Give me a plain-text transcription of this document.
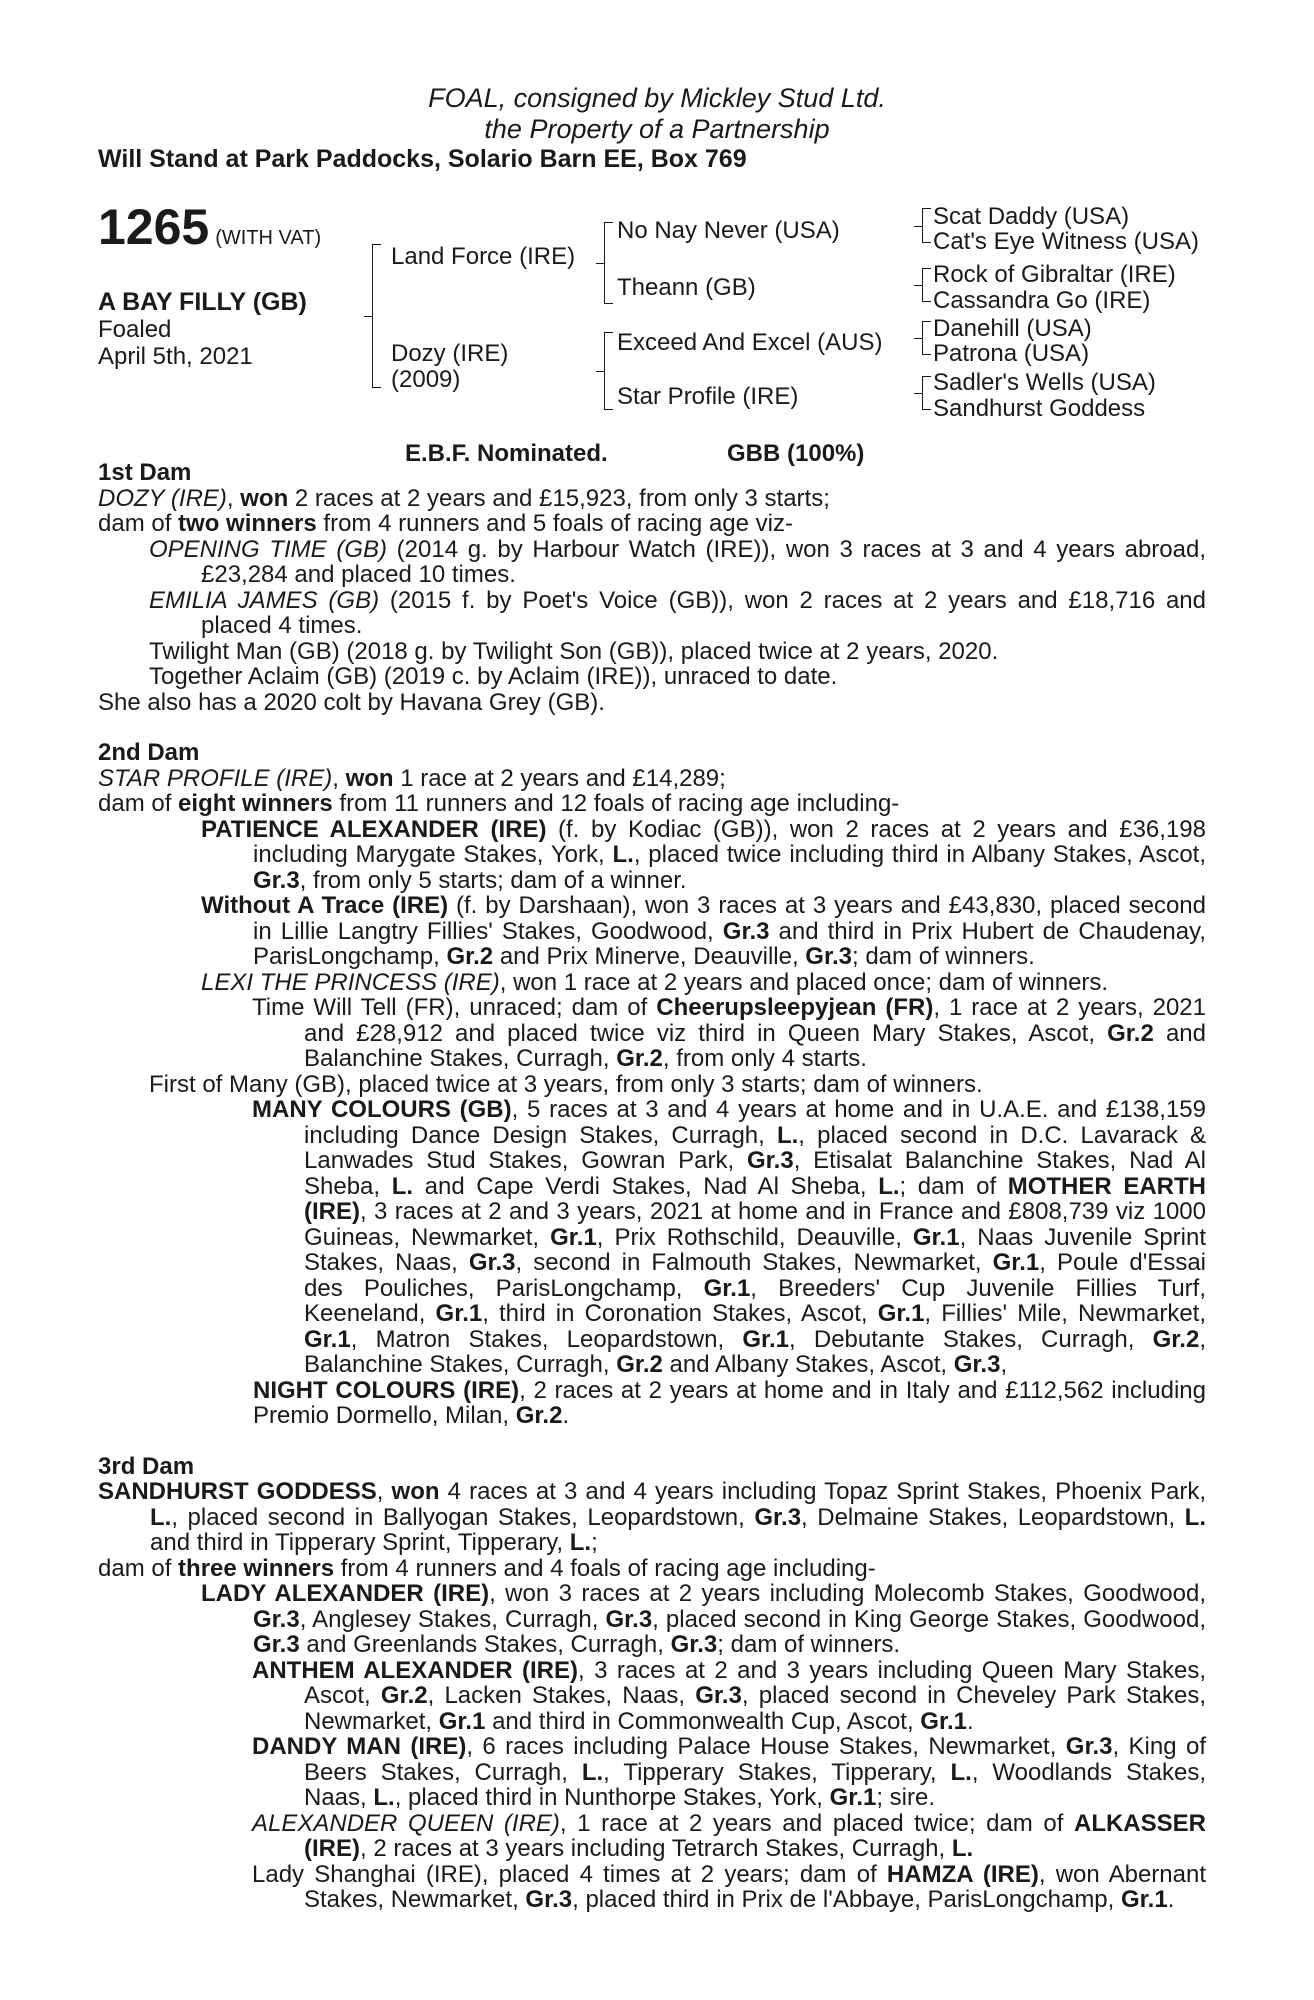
FOAL, consigned by Mickley Stud Ltd.
the Property of a Partnership
Will Stand at Park Paddocks, Solario Barn EE, Box 769
1265 (WITH VAT)
A BAY FILLY (GB)
Foaled
April 5th, 2021
Land Force (IRE)
Dozy (IRE)
(2009)
No Nay Never (USA)
Theann (GB)
Exceed And Excel (AUS)
Star Profile (IRE)
Scat Daddy (USA)
Cat's Eye Witness (USA)
Rock of Gibraltar (IRE)
Cassandra Go (IRE)
Danehill (USA)
Patrona (USA)
Sadler's Wells (USA)
Sandhurst Goddess
E.B.F. Nominated.	GBB (100%)

1st Dam

DOZY (IRE), won 2 races at 2 years and £15,923, from only 3 starts;

dam of two winners from 4 runners and 5 foals of racing age viz-

OPENING TIME (GB) (2014 g. by Harbour Watch (IRE)), won 3 races at 3 and 4 years abroad, £23,284 and placed 10 times.

EMILIA JAMES (GB) (2015 f. by Poet's Voice (GB)), won 2 races at 2 years and £18,716 and placed 4 times.

Twilight Man (GB) (2018 g. by Twilight Son (GB)), placed twice at 2 years, 2020.

Together Aclaim (GB) (2019 c. by Aclaim (IRE)), unraced to date.

She also has a 2020 colt by Havana Grey (GB).

2nd Dam

STAR PROFILE (IRE), won 1 race at 2 years and £14,289;

dam of eight winners from 11 runners and 12 foals of racing age including-

PATIENCE ALEXANDER (IRE) (f. by Kodiac (GB)), won 2 races at 2 years and £36,198 including Marygate Stakes, York, L., placed twice including third in Albany Stakes, Ascot, Gr.3, from only 5 starts; dam of a winner.

Without A Trace (IRE) (f. by Darshaan), won 3 races at 3 years and £43,830, placed second in Lillie Langtry Fillies' Stakes, Goodwood, Gr.3 and third in Prix Hubert de Chaudenay, ParisLongchamp, Gr.2 and Prix Minerve, Deauville, Gr.3; dam of winners.

LEXI THE PRINCESS (IRE), won 1 race at 2 years and placed once; dam of winners.

Time Will Tell (FR), unraced; dam of Cheerupsleepyjean (FR), 1 race at 2 years, 2021 and £28,912 and placed twice viz third in Queen Mary Stakes, Ascot, Gr.2 and Balanchine Stakes, Curragh, Gr.2, from only 4 starts.

First of Many (GB), placed twice at 3 years, from only 3 starts; dam of winners.

MANY COLOURS (GB), 5 races at 3 and 4 years at home and in U.A.E. and £138,159 including Dance Design Stakes, Curragh, L., placed second in D.C. Lavarack & Lanwades Stud Stakes, Gowran Park, Gr.3, Etisalat Balanchine Stakes, Nad Al Sheba, L. and Cape Verdi Stakes, Nad Al Sheba, L.; dam of MOTHER EARTH (IRE), 3 races at 2 and 3 years, 2021 at home and in France and £808,739 viz 1000 Guineas, Newmarket, Gr.1, Prix Rothschild, Deauville, Gr.1, Naas Juvenile Sprint Stakes, Naas, Gr.3, second in Falmouth Stakes, Newmarket, Gr.1, Poule d'Essai des Pouliches, ParisLongchamp, Gr.1, Breeders' Cup Juvenile Fillies Turf, Keeneland, Gr.1, third in Coronation Stakes, Ascot, Gr.1, Fillies' Mile, Newmarket, Gr.1, Matron Stakes, Leopardstown, Gr.1, Debutante Stakes, Curragh, Gr.2, Balanchine Stakes, Curragh, Gr.2 and Albany Stakes, Ascot, Gr.3,

NIGHT COLOURS (IRE), 2 races at 2 years at home and in Italy and £112,562 including Premio Dormello, Milan, Gr.2.

3rd Dam

SANDHURST GODDESS, won 4 races at 3 and 4 years including Topaz Sprint Stakes, Phoenix Park, L., placed second in Ballyogan Stakes, Leopardstown, Gr.3, Delmaine Stakes, Leopardstown, L. and third in Tipperary Sprint, Tipperary, L.;

dam of three winners from 4 runners and 4 foals of racing age including-

LADY ALEXANDER (IRE), won 3 races at 2 years including Molecomb Stakes, Goodwood, Gr.3, Anglesey Stakes, Curragh, Gr.3, placed second in King George Stakes, Goodwood, Gr.3 and Greenlands Stakes, Curragh, Gr.3; dam of winners.

ANTHEM ALEXANDER (IRE), 3 races at 2 and 3 years including Queen Mary Stakes, Ascot, Gr.2, Lacken Stakes, Naas, Gr.3, placed second in Cheveley Park Stakes, Newmarket, Gr.1 and third in Commonwealth Cup, Ascot, Gr.1.

DANDY MAN (IRE), 6 races including Palace House Stakes, Newmarket, Gr.3, King of Beers Stakes, Curragh, L., Tipperary Stakes, Tipperary, L., Woodlands Stakes, Naas, L., placed third in Nunthorpe Stakes, York, Gr.1; sire.

ALEXANDER QUEEN (IRE), 1 race at 2 years and placed twice; dam of ALKASSER (IRE), 2 races at 3 years including Tetrarch Stakes, Curragh, L.

Lady Shanghai (IRE), placed 4 times at 2 years; dam of HAMZA (IRE), won Abernant Stakes, Newmarket, Gr.3, placed third in Prix de l'Abbaye, ParisLongchamp, Gr.1.
